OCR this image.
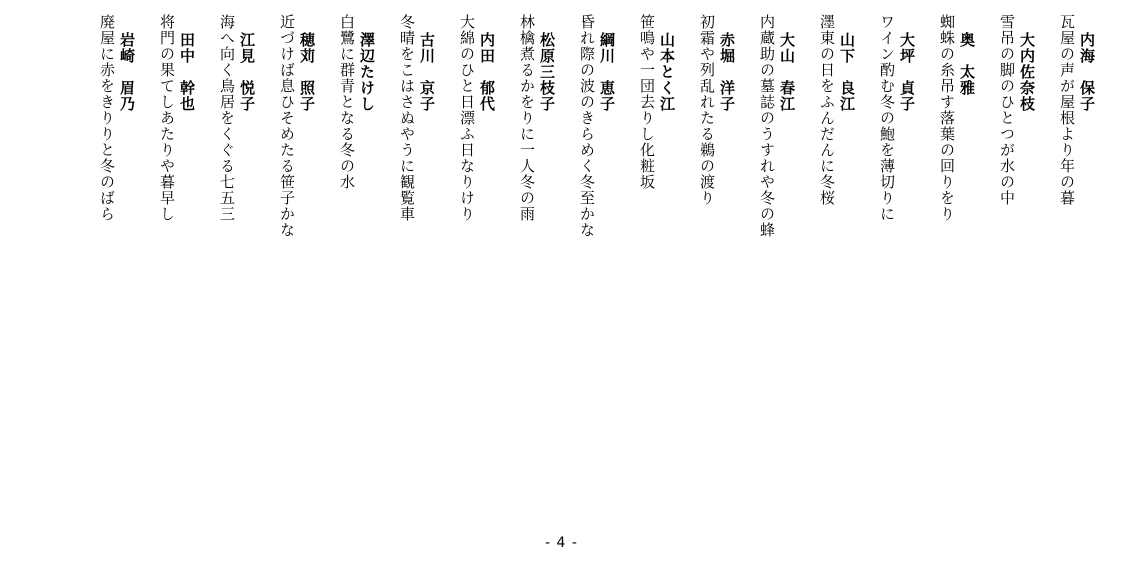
内海　保子
瓦屋の声が屋根より年の暮
大内佐奈枝
雪吊の脚のひとつが水の中
奥　太雅
蜘蛛の糸吊す落葉の回りをり
大坪　貞子
ワイン酌む冬の鮑を薄切りに
山下　良江
濹東の日をふんだんに冬桜
大山　春江
内蔵助の墓誌のうすれや冬の蜂
赤堀　洋子
初霜や列乱れたる鵜の渡り
山本とく江
笹鳴や一団去りし化粧坂
綱川　恵子
昏れ際の波のきらめく冬至かな
松原三枝子
林檎煮るかをりに一人冬の雨
内田　郁代
大綿のひと日漂ふ日なりけり
古川　京子
冬晴をこはさぬやうに観覧車
澤辺たけし
白鷺に群青となる冬の水
穂苅　照子
近づけば息ひそめたる笹子かな
江見　悦子
海へ向く鳥居をくぐる七五三
田中　幹也
将門の果てしあたりや暮早し
岩崎　眉乃
廃屋に赤をきりりと冬のばら
- 4 -
